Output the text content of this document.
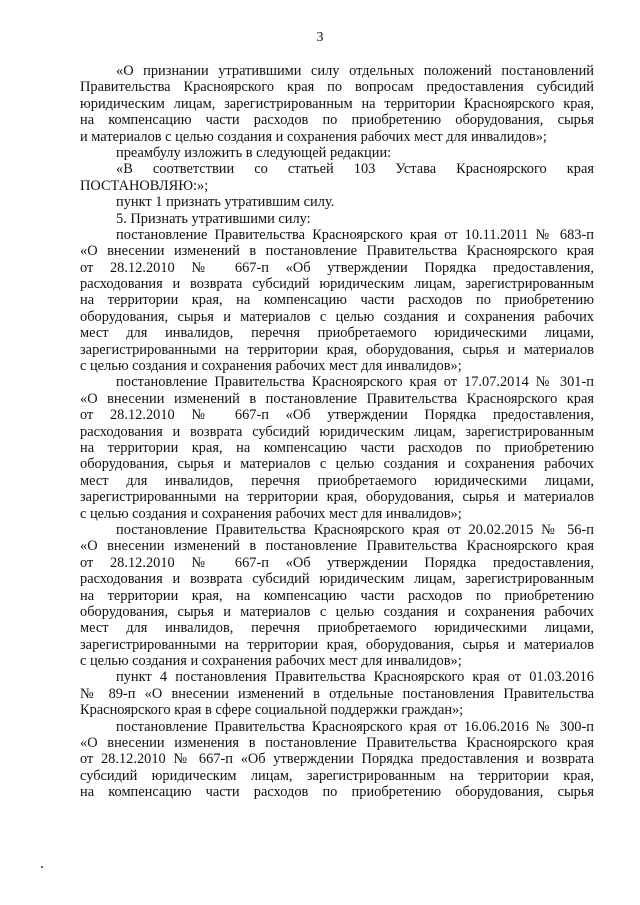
3
«О признании утратившими силу отдельных положений постановлений
Правительства Красноярского края по вопросам предоставления субсидий
юридическим лицам, зарегистрированным на территории Красноярского края,
на компенсацию части расходов по приобретению оборудования, сырья
и материалов с целью создания и сохранения рабочих мест для инвалидов»;
преамбулу изложить в следующей редакции:
«В соответствии со статьей 103 Устава Красноярского края
ПОСТАНОВЛЯЮ:»;
пункт 1 признать утратившим силу.
5. Признать утратившими силу:
постановление Правительства Красноярского края от 10.11.2011 № 683-п
«О внесении изменений в постановление Правительства Красноярского края
от 28.12.2010 № 667-п «Об утверждении Порядка предоставления,
расходования и возврата субсидий юридическим лицам, зарегистрированным
на территории края, на компенсацию части расходов по приобретению
оборудования, сырья и материалов с целью создания и сохранения рабочих
мест для инвалидов, перечня приобретаемого юридическими лицами,
зарегистрированными на территории края, оборудования, сырья и материалов
с целью создания и сохранения рабочих мест для инвалидов»;
постановление Правительства Красноярского края от 17.07.2014 № 301-п
«О внесении изменений в постановление Правительства Красноярского края
от 28.12.2010 № 667-п «Об утверждении Порядка предоставления,
расходования и возврата субсидий юридическим лицам, зарегистрированным
на территории края, на компенсацию части расходов по приобретению
оборудования, сырья и материалов с целью создания и сохранения рабочих
мест для инвалидов, перечня приобретаемого юридическими лицами,
зарегистрированными на территории края, оборудования, сырья и материалов
с целью создания и сохранения рабочих мест для инвалидов»;
постановление Правительства Красноярского края от 20.02.2015 № 56-п
«О внесении изменений в постановление Правительства Красноярского края
от 28.12.2010 № 667-п «Об утверждении Порядка предоставления,
расходования и возврата субсидий юридическим лицам, зарегистрированным
на территории края, на компенсацию части расходов по приобретению
оборудования, сырья и материалов с целью создания и сохранения рабочих
мест для инвалидов, перечня приобретаемого юридическими лицами,
зарегистрированными на территории края, оборудования, сырья и материалов
с целью создания и сохранения рабочих мест для инвалидов»;
пункт 4 постановления Правительства Красноярского края от 01.03.2016
№ 89-п «О внесении изменений в отдельные постановления Правительства
Красноярского края в сфере социальной поддержки граждан»;
постановление Правительства Красноярского края от 16.06.2016 № 300-п
«О внесении изменения в постановление Правительства Красноярского края
от 28.12.2010 № 667-п «Об утверждении Порядка предоставления и возврата
субсидий юридическим лицам, зарегистрированным на территории края,
на компенсацию части расходов по приобретению оборудования, сырья
